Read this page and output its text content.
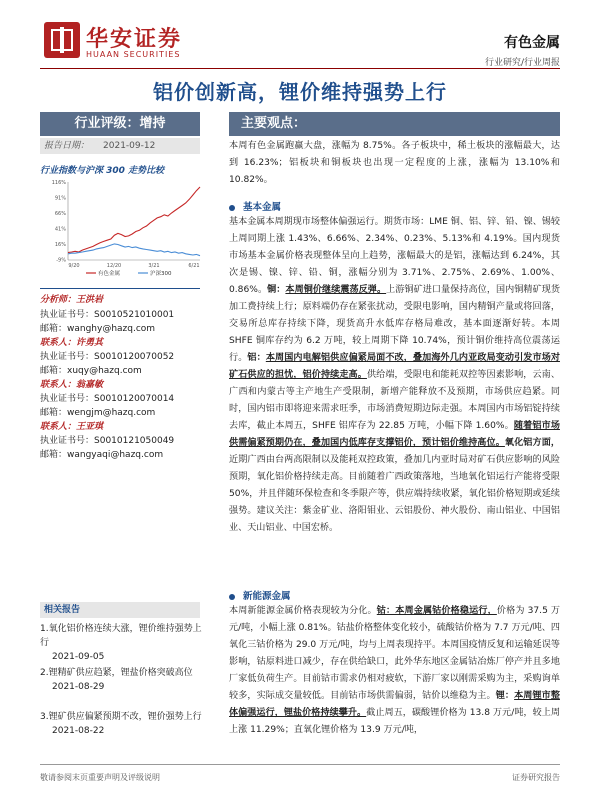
华安证券
HUAAN SECURITIES
有色金属
行业研究/行业周报
铝价创新高，锂价维持强势上行
行业评级：增持
报告日期： 2021-09-12
行业指数与沪深 300 走势比较
116%
91%
66%
41%
16%
-9%
9/20	12/20	3/21	6/21
有色金属	沪深300
分析师：王洪岩
执业证书号：S0010521010001
邮箱：wanghy@hazq.com
联系人：许勇其
执业证书号：S0010120070052
邮箱：xuqy@hazq.com
联系人：翁嘉敏
执业证书号：S0010120070014
邮箱：wengjm@hazq.com
联系人：王亚琪
执业证书号：S0010121050049
邮箱：wangyaqi@hazq.com
相关报告
1.氧化铝价格连续大涨，锂价维持强势上行
2021-09-05
2.锂精矿供应趋紧，锂盐价格突破高位
2021-08-29
3.锂矿供应偏紧预期不改，锂价强势上行
2021-08-22
主要观点：

本周有色金属跑赢大盘，涨幅为 8.75%。各子板块中，稀土板块的涨幅最大，达到 16.23%；铝板块和铜板块也出现一定程度的上涨，涨幅为 13.10%和 10.82%。

基本金属

基本金属本周期现市场整体偏强运行。期货市场：LME 铜、铝、锌、铅、镍、锡较上周同期上涨 1.43%、6.66%、2.34%、0.23%、5.13%和 4.19%。国内现货市场基本金属价格表现整体呈向上趋势，涨幅最大的是铝，涨幅达到 6.24%，其次是锡、镍、锌、铅、铜，涨幅分别为 3.71%、2.75%、2.69%、1.00%、0.86%。铜：本周铜价继续震荡反弹。上游铜矿进口量保持高位，国内铜精矿现货加工费持续上行；原料端仍存在紧张扰动，受限电影响，国内精铜产量或将回落，交易所总库存持续下降，现货高升水低库存格局难改，基本面逐渐好转。本周 SHFE 铜库存约为 6.2 万吨，较上周期下降 10.74%，预计铜价维持高位震荡运行。铝：本周国内电解铝供应偏紧局面不改，叠加海外几内亚政局变动引发市场对矿石供应的担忧，铝价持续走高。供给端，受限电和能耗双控等因素影响，云南、广西和内蒙古等主产地生产受限制，新增产能释放不及预期，市场供应趋紧。同时，国内铝市即将迎来需求旺季，市场消费短期边际走强。本周国内市场铝锭持续去库，截止本周五，SHFE 铝库存为 22.85 万吨，小幅下降 1.60%。随着铝市场供需偏紧预期仍在，叠加国内低库存支撑铝价，预计铝价维持高位。氧化铝方面，近期广西由台两高限制以及能耗双控政策，叠加几内亚时局对矿石供应影响的风险预期，氧化铝价格持续走高。目前随着广西政策落地，当地氧化铝运行产能将受限 50%，并且伴随环保检查和冬季限产等，供应端持续收紧，氧化铝价格短期或延续强势。建议关注：紫金矿业、洛阳钼业、云铝股份、神火股份、南山铝业、中国铝业、天山铝业、中国宏桥。

新能源金属

本周新能源金属价格表现较为分化。钴：本周金属钴价格稳运行，价格为 37.5 万元/吨，小幅上涨 0.81%。钴盐价格整体变化较小，硫酸钴价格为 7.7 万元/吨、四氧化三钴价格为 29.0 万元/吨，均与上周表现持平。本周国疫情反复和运输延误等影响，钴原料进口减少，存在供给缺口，此外华东地区金属钴冶炼厂停产并且多地厂家低负荷生产。目前钴市需求仍相对疲软，下游厂家以刚需采购为主，采购询单较多，实际成交量较低。目前钴市场供需偏弱，钴价以维稳为主。锂：本周锂市整体偏强运行，锂盐价格持续攀升。截止周五，碳酸锂价格为 13.8 万元/吨，较上周上涨 11.29%；直氧化锂价格为 13.9 万元/吨，

敬请参阅末页重要声明及评级说明	证券研究报告
